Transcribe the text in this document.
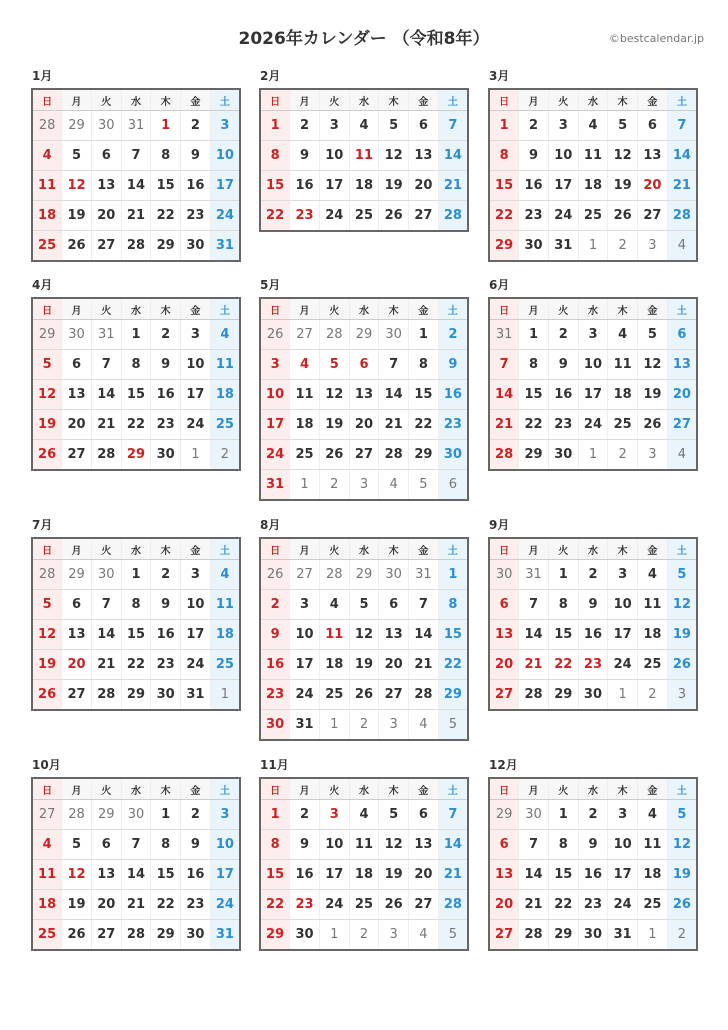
2026年カレンダー （令和8年）	©bestcalendar.jp
1月
日	月	火	水	木	金	土
28	29	30	31	1	2	3
4	5	6	7	8	9	10
11	12	13	14	15	16	17
18	19	20	21	22	23	24
25	26	27	28	29	30	31
2月
日	月	火	水	木	金	土
1	2	3	4	5	6	7
8	9	10	11	12	13	14
15	16	17	18	19	20	21
22	23	24	25	26	27	28
3月
日	月	火	水	木	金	土
1	2	3	4	5	6	7
8	9	10	11	12	13	14
15	16	17	18	19	20	21
22	23	24	25	26	27	28
29	30	31	1	2	3	4
4月
日	月	火	水	木	金	土
29	30	31	1	2	3	4
5	6	7	8	9	10	11
12	13	14	15	16	17	18
19	20	21	22	23	24	25
26	27	28	29	30	1	2
5月
日	月	火	水	木	金	土
26	27	28	29	30	1	2
3	4	5	6	7	8	9
10	11	12	13	14	15	16
17	18	19	20	21	22	23
24	25	26	27	28	29	30
31	1	2	3	4	5	6
6月
日	月	火	水	木	金	土
31	1	2	3	4	5	6
7	8	9	10	11	12	13
14	15	16	17	18	19	20
21	22	23	24	25	26	27
28	29	30	1	2	3	4
7月
日	月	火	水	木	金	土
28	29	30	1	2	3	4
5	6	7	8	9	10	11
12	13	14	15	16	17	18
19	20	21	22	23	24	25
26	27	28	29	30	31	1
8月
日	月	火	水	木	金	土
26	27	28	29	30	31	1
2	3	4	5	6	7	8
9	10	11	12	13	14	15
16	17	18	19	20	21	22
23	24	25	26	27	28	29
30	31	1	2	3	4	5
9月
日	月	火	水	木	金	土
30	31	1	2	3	4	5
6	7	8	9	10	11	12
13	14	15	16	17	18	19
20	21	22	23	24	25	26
27	28	29	30	1	2	3
10月
日	月	火	水	木	金	土
27	28	29	30	1	2	3
4	5	6	7	8	9	10
11	12	13	14	15	16	17
18	19	20	21	22	23	24
25	26	27	28	29	30	31
11月
日	月	火	水	木	金	土
1	2	3	4	5	6	7
8	9	10	11	12	13	14
15	16	17	18	19	20	21
22	23	24	25	26	27	28
29	30	1	2	3	4	5
12月
日	月	火	水	木	金	土
29	30	1	2	3	4	5
6	7	8	9	10	11	12
13	14	15	16	17	18	19
20	21	22	23	24	25	26
27	28	29	30	31	1	2
